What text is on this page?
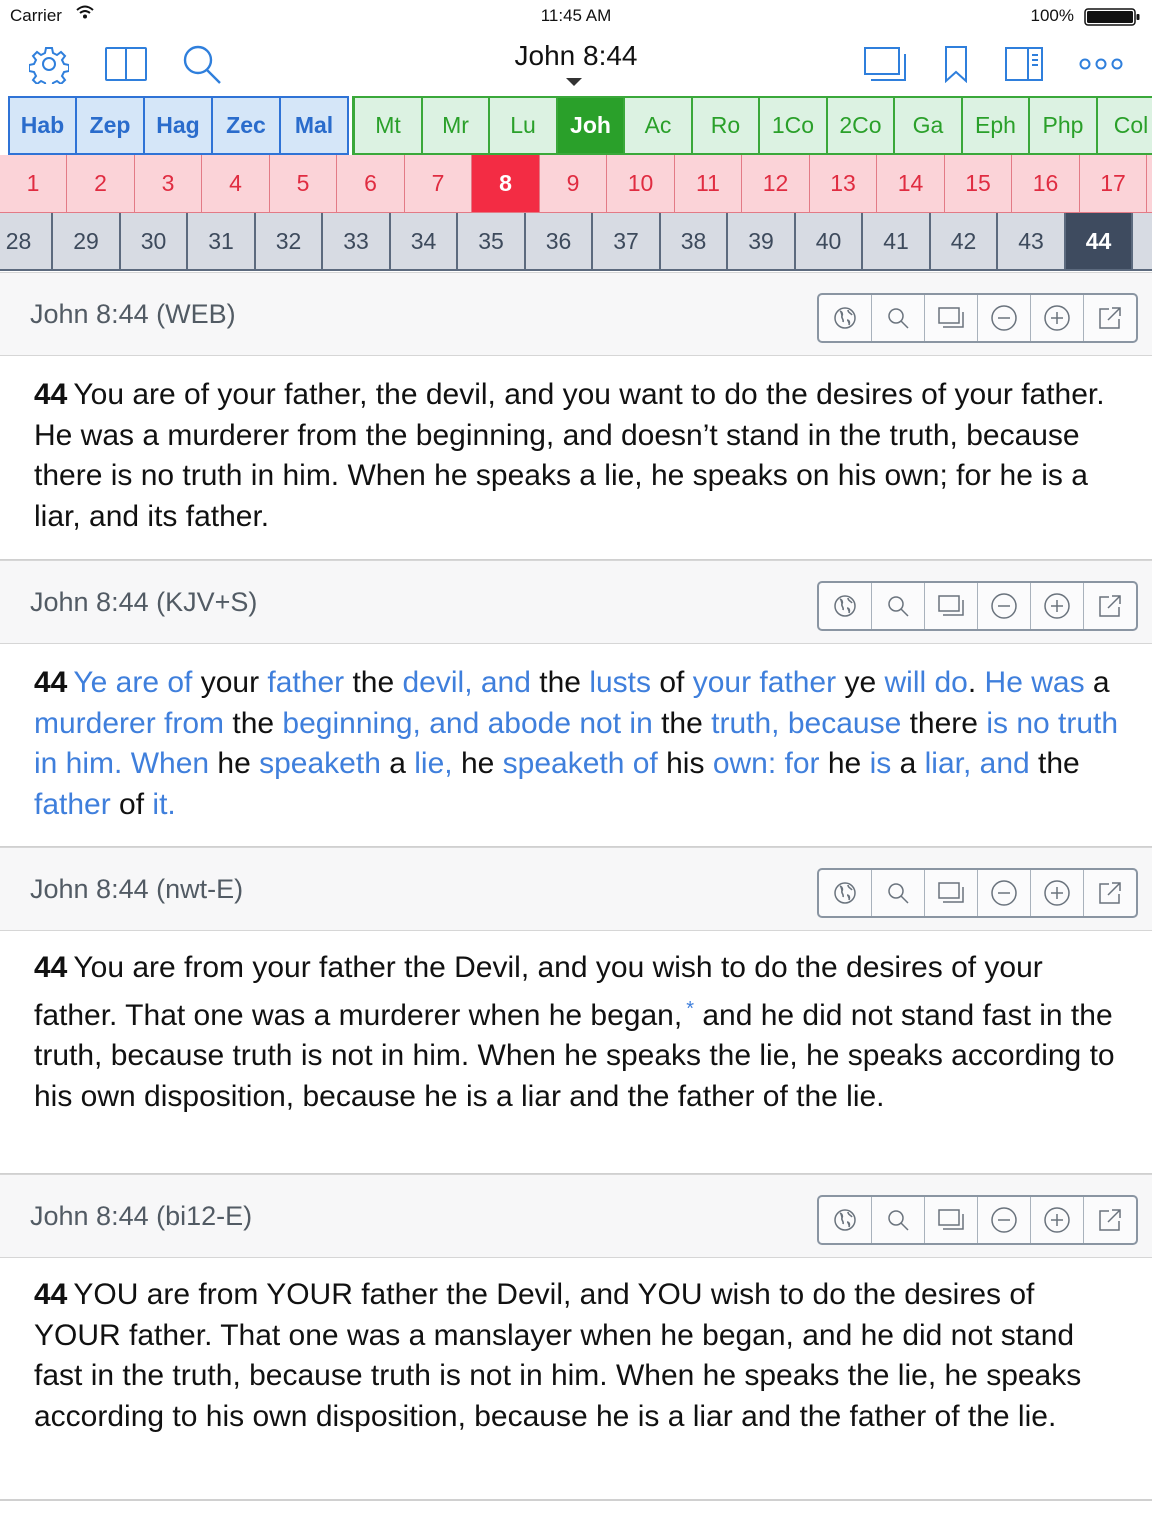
Carrier	11:45 AM	100%
John 8:44
Hab	Zep	Hag	Zec	Mal	Mt	Mr	Lu	Joh	Ac	Ro	1Co	2Co	Ga	Eph	Php	Col
1	2	3	4	5	6	7	8	9	10	11	12	13	14	15	16	17
28	29	30	31	32	33	34	35	36	37	38	39	40	41	42	43	44
John 8:44 (WEB)
44 You are of your father, the devil, and you want to do the desires of your father. He was a murderer from the beginning, and doesn’t stand in the truth, because there is no truth in him. When he speaks a lie, he speaks on his own; for he is a liar, and its father.
John 8:44 (KJV+S)
44 Ye are of your father the devil, and the lusts of your father ye will do. He was a murderer from the beginning, and abode not in the truth, because there is no truth in him. When he speaketh a lie, he speaketh of his own: for he is a liar, and the father of it.
John 8:44 (nwt-E)
44 You are from your father the Devil, and you wish to do the desires of your father. That one was a murderer when he began, * and he did not stand fast in the truth, because truth is not in him. When he speaks the lie, he speaks according to his own disposition, because he is a liar and the father of the lie.
John 8:44 (bi12-E)
44 YOU are from YOUR father the Devil, and YOU wish to do the desires of YOUR father. That one was a manslayer when he began, and he did not stand fast in the truth, because truth is not in him. When he speaks the lie, he speaks according to his own disposition, because he is a liar and the father of the lie.
